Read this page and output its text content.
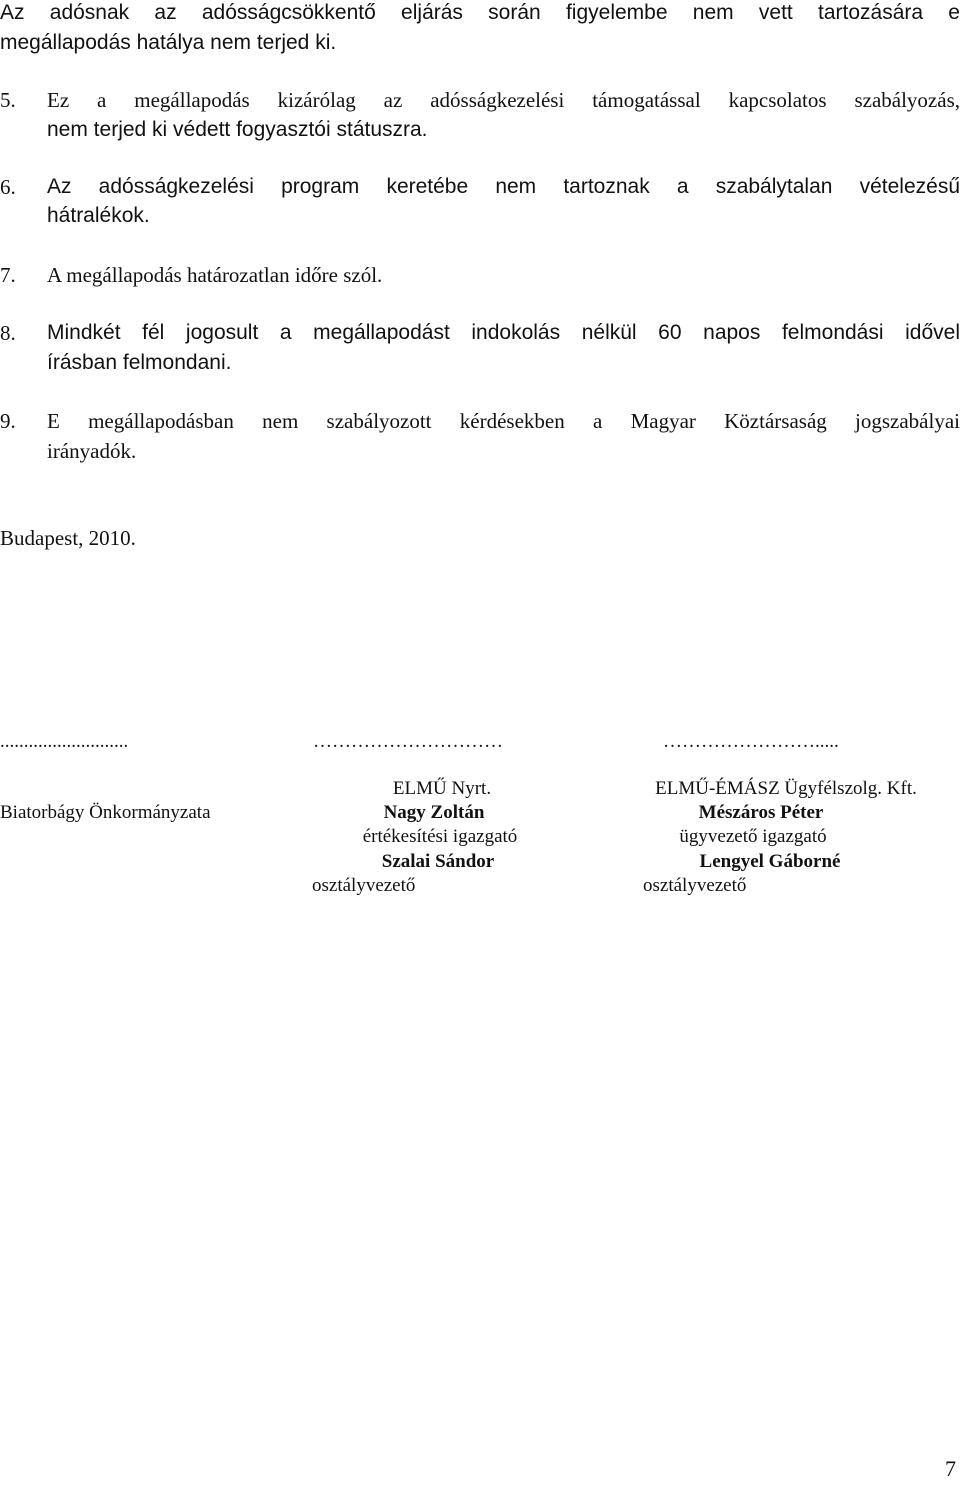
Az adósnak az adósságcsökkentő eljárás során figyelembe nem vett tartozására e
megállapodás hatálya nem terjed ki.
5. Ez a megállapodás kizárólag az adósságkezelési támogatással kapcsolatos szabályozás,
nem terjed ki védett fogyasztói státuszra.
6. Az adósságkezelési program keretébe nem tartoznak a szabálytalan vételezésű
hátralékok.
7. A megállapodás határozatlan időre szól.
8. Mindkét fél jogosult a megállapodást indokolás nélkül 60 napos felmondási idővel
írásban felmondani.
9. E megállapodásban nem szabályozott kérdésekben a Magyar Köztársaság jogszabályai
irányadók.
Budapest, 2010.
...........................	…………………………	…………………….....
Biatorbágy Önkormányzata
ELMŰ Nyrt.
Nagy Zoltán
értékesítési igazgató
Szalai Sándor
osztályvezető
ELMŰ-ÉMÁSZ Ügyfélszolg. Kft.
Mészáros Péter
ügyvezető igazgató
Lengyel Gáborné
osztályvezető
7
